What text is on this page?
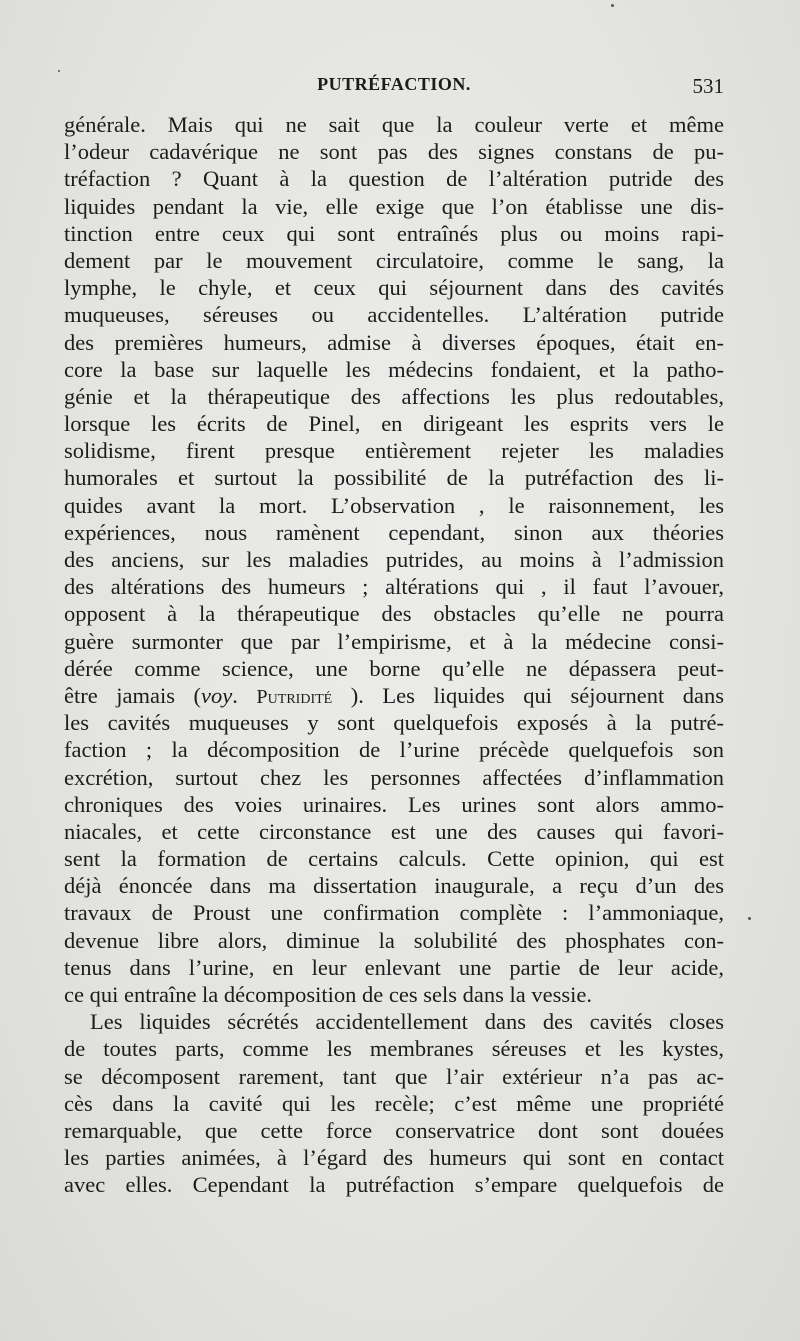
PUTRÉFACTION.	531
générale. Mais qui ne sait que la couleur verte et même
l’odeur cadavérique ne sont pas des signes constans de pu-
tréfaction ? Quant à la question de l’altération putride des
liquides pendant la vie, elle exige que l’on établisse une dis-
tinction entre ceux qui sont entraînés plus ou moins rapi-
dement par le mouvement circulatoire, comme le sang, la
lymphe, le chyle, et ceux qui séjournent dans des cavités
muqueuses, séreuses ou accidentelles. L’altération putride
des premières humeurs, admise à diverses époques, était en-
core la base sur laquelle les médecins fondaient, et la patho-
génie et la thérapeutique des affections les plus redoutables,
lorsque les écrits de Pinel, en dirigeant les esprits vers le
solidisme, firent presque entièrement rejeter les maladies
humorales et surtout la possibilité de la putréfaction des li-
quides avant la mort. L’observation , le raisonnement, les
expériences, nous ramènent cependant, sinon aux théories
des anciens, sur les maladies putrides, au moins à l’admission
des altérations des humeurs ; altérations qui , il faut l’avouer,
opposent à la thérapeutique des obstacles qu’elle ne pourra
guère surmonter que par l’empirisme, et à la médecine consi-
dérée comme science, une borne qu’elle ne dépassera peut-
être jamais (voy. Putridité ). Les liquides qui séjournent dans
les cavités muqueuses y sont quelquefois exposés à la putré-
faction ; la décomposition de l’urine précède quelquefois son
excrétion, surtout chez les personnes affectées d’inflammation
chroniques des voies urinaires. Les urines sont alors ammo-
niacales, et cette circonstance est une des causes qui favori-
sent la formation de certains calculs. Cette opinion, qui est
déjà énoncée dans ma dissertation inaugurale, a reçu d’un des
travaux de Proust une confirmation complète : l’ammoniaque,
devenue libre alors, diminue la solubilité des phosphates con-
tenus dans l’urine, en leur enlevant une partie de leur acide,
ce qui entraîne la décomposition de ces sels dans la vessie.
Les liquides sécrétés accidentellement dans des cavités closes
de toutes parts, comme les membranes séreuses et les kystes,
se décomposent rarement, tant que l’air extérieur n’a pas ac-
cès dans la cavité qui les recèle; c’est même une propriété
remarquable, que cette force conservatrice dont sont douées
les parties animées, à l’égard des humeurs qui sont en contact
avec elles. Cependant la putréfaction s’empare quelquefois de
